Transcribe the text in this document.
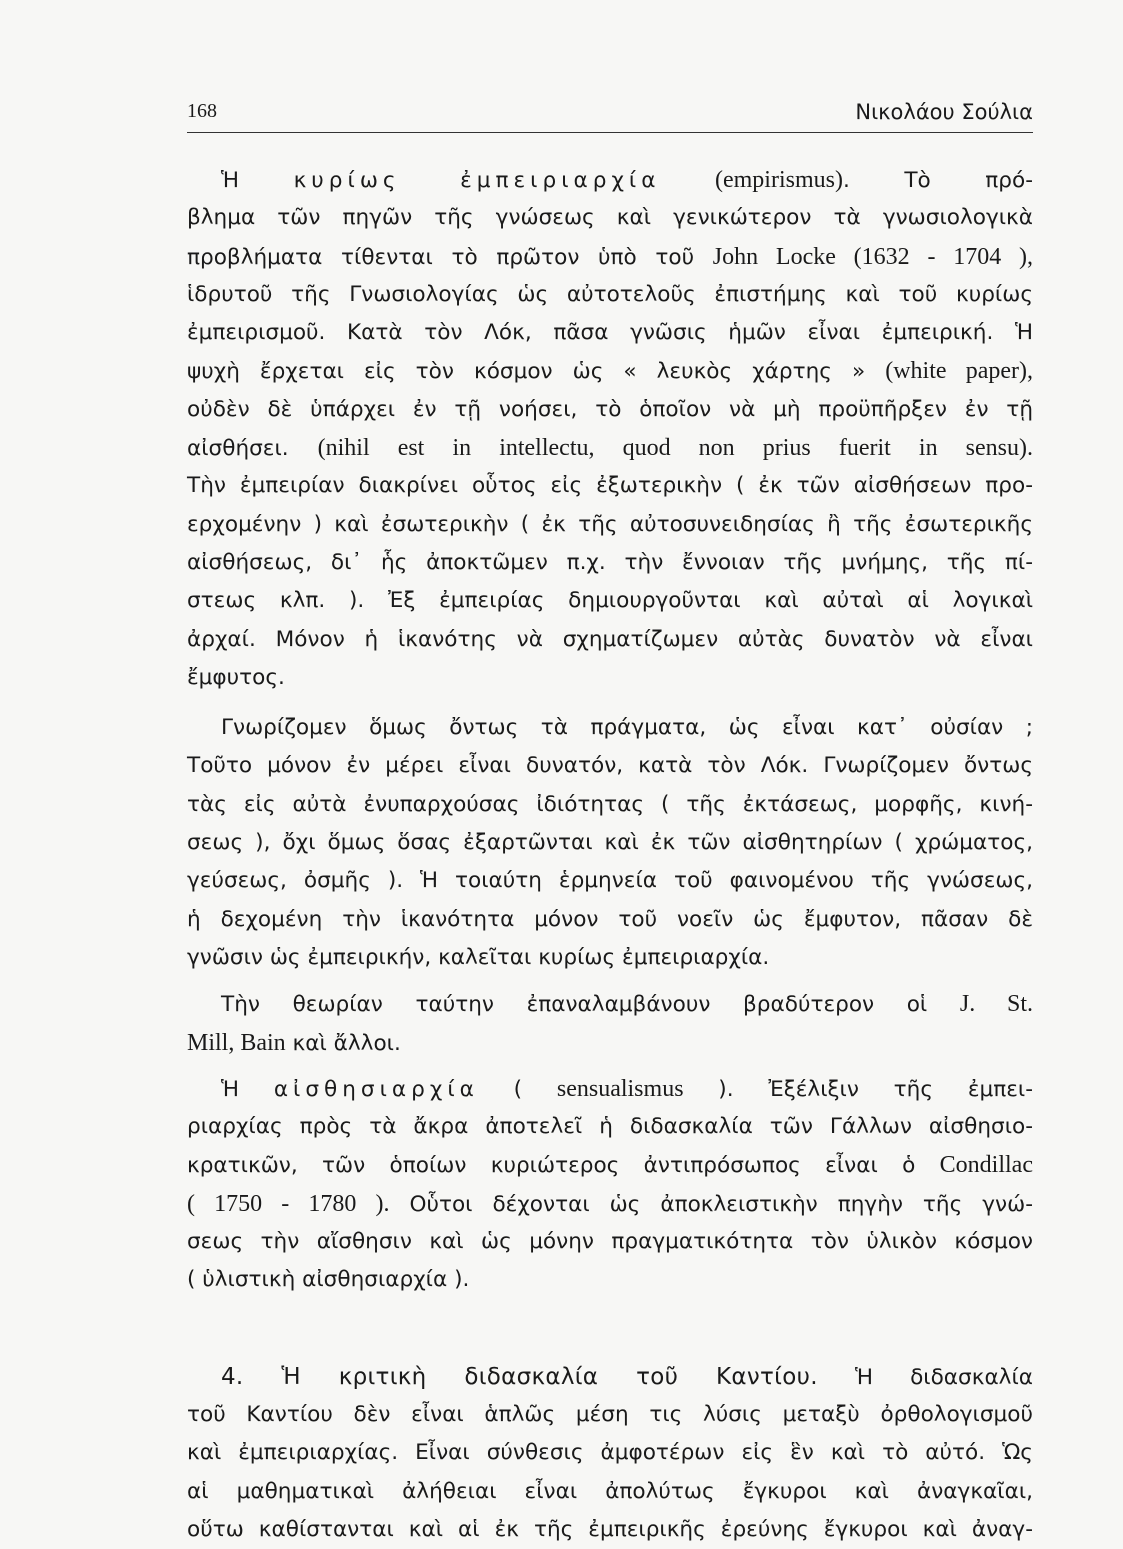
168	Νικολάου Σούλια
Ἡ κυρίως ἐμπειριαρχία (empirismus). Τὸ πρό-
βλημα τῶν πηγῶν τῆς γνώσεως καὶ γενικώτερον τὰ γνωσιολογικὰ
προβλήματα τίθενται τὸ πρῶτον ὑπὸ τοῦ John Locke (1632 - 1704 ),
ἱδρυτοῦ τῆς Γνωσιολογίας ὡς αὐτοτελοῦς ἐπιστήμης καὶ τοῦ κυρίως
ἐμπειρισμοῦ. Κατὰ τὸν Λόκ, πᾶσα γνῶσις ἡμῶν εἶναι ἐμπειρική. Ἡ
ψυχὴ ἔρχεται εἰς τὸν κόσμον ὡς « λευκὸς χάρτης » (white paper),
οὐδὲν δὲ ὑπάρχει ἐν τῇ νοήσει, τὸ ὁποῖον νὰ μὴ προϋπῆρξεν ἐν τῇ
αἰσθήσει. (nihil est in intellectu, quod non prius fuerit in sensu).
Τὴν ἐμπειρίαν διακρίνει οὗτος εἰς ἐξωτερικὴν ( ἐκ τῶν αἰσθήσεων προ-
ερχομένην ) καὶ ἐσωτερικὴν ( ἐκ τῆς αὐτοσυνειδησίας ἢ τῆς ἐσωτερικῆς
αἰσθήσεως, δι᾽ ἧς ἀποκτῶμεν π.χ. τὴν ἔννοιαν τῆς μνήμης, τῆς πί-
στεως κλπ. ). Ἐξ ἐμπειρίας δημιουργοῦνται καὶ αὐταὶ αἱ λογικαὶ
ἀρχαί. Μόνον ἡ ἱκανότης νὰ σχηματίζωμεν αὐτὰς δυνατὸν νὰ εἶναι
ἔμφυτος.
Γνωρίζομεν ὅμως ὄντως τὰ πράγματα, ὡς εἶναι κατ᾽ οὐσίαν ;
Τοῦτο μόνον ἐν μέρει εἶναι δυνατόν, κατὰ τὸν Λόκ. Γνωρίζομεν ὄντως
τὰς εἰς αὐτὰ ἐνυπαρχούσας ἰδιότητας ( τῆς ἐκτάσεως, μορφῆς, κινή-
σεως ), ὄχι ὅμως ὅσας ἐξαρτῶνται καὶ ἐκ τῶν αἰσθητηρίων ( χρώματος,
γεύσεως, ὀσμῆς ). Ἡ τοιαύτη ἑρμηνεία τοῦ φαινομένου τῆς γνώσεως,
ἡ δεχομένη τὴν ἱκανότητα μόνον τοῦ νοεῖν ὡς ἔμφυτον, πᾶσαν δὲ
γνῶσιν ὡς ἐμπειρικήν, καλεῖται κυρίως ἐμπειριαρχία.
Τὴν θεωρίαν ταύτην ἐπαναλαμβάνουν βραδύτερον οἱ J. St.
Mill, Bain καὶ ἄλλοι.
Ἡ αἰσθησιαρχία ( sensualismus ). Ἐξέλιξιν τῆς ἐμπει-
ριαρχίας πρὸς τὰ ἄκρα ἀποτελεῖ ἡ διδασκαλία τῶν Γάλλων αἰσθησιο-
κρατικῶν, τῶν ὁποίων κυριώτερος ἀντιπρόσωπος εἶναι ὁ Condillac
( 1750 - 1780 ). Οὗτοι δέχονται ὡς ἀποκλειστικὴν πηγὴν τῆς γνώ-
σεως τὴν αἴσθησιν καὶ ὡς μόνην πραγματικότητα τὸν ὑλικὸν κόσμον
( ὑλιστικὴ αἰσθησιαρχία ).
4. Ἡ κριτικὴ διδασκαλία τοῦ Καντίου. Ἡ διδασκαλία
τοῦ Καντίου δὲν εἶναι ἁπλῶς μέση τις λύσις μεταξὺ ὀρθολογισμοῦ
καὶ ἐμπειριαρχίας. Εἶναι σύνθεσις ἀμφοτέρων εἰς ἓν καὶ τὸ αὐτό. Ὡς
αἱ μαθηματικαὶ ἀλήθειαι εἶναι ἀπολύτως ἔγκυροι καὶ ἀναγκαῖαι,
οὕτω καθίστανται καὶ αἱ ἐκ τῆς ἐμπειρικῆς ἐρεύνης ἔγκυροι καὶ ἀναγ-
